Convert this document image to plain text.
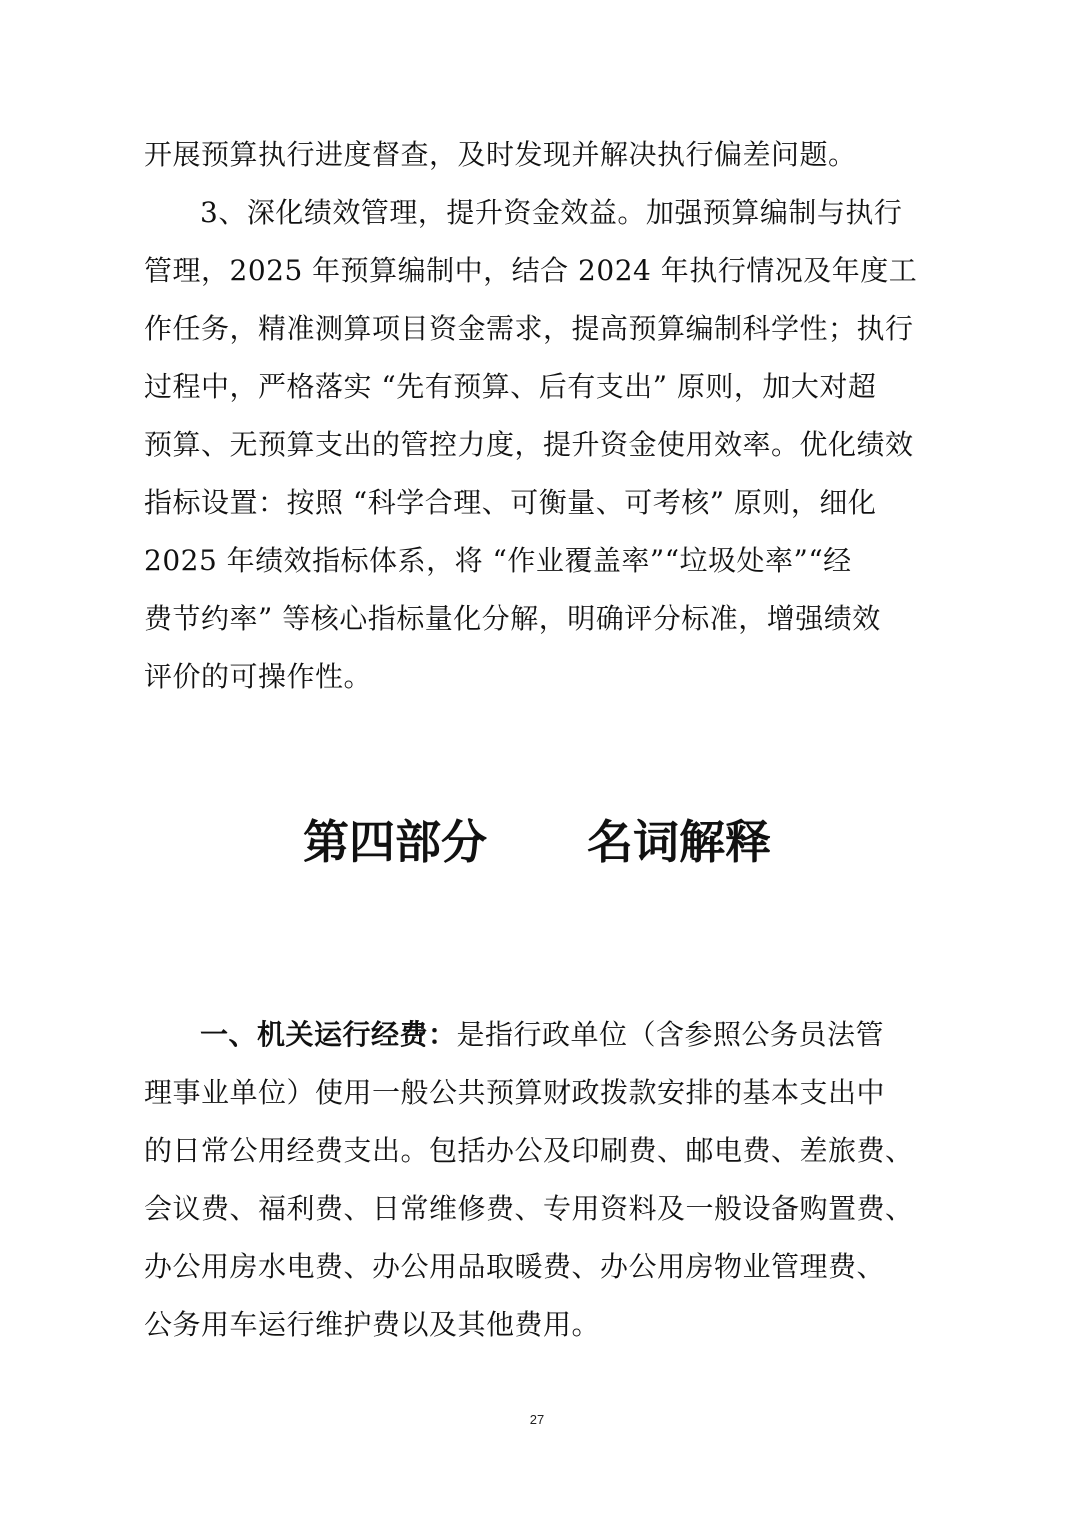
开展预算执行进度督查，及时发现并解决执行偏差问题。
3、深化绩效管理，提升资金效益。加强预算编制与执行
管理，2025 年预算编制中，结合 2024 年执行情况及年度工
作任务，精准测算项目资金需求，提高预算编制科学性；执行
过程中，严格落实 “先有预算、后有支出” 原则，加大对超
预算、无预算支出的管控力度，提升资金使用效率。优化绩效
指标设置：按照 “科学合理、可衡量、可考核” 原则，细化
2025 年绩效指标体系，将 “作业覆盖率”“垃圾处率”“经
费节约率” 等核心指标量化分解，明确评分标准，增强绩效
评价的可操作性。
第四部分 名词解释
一、机关运行经费：是指行政单位（含参照公务员法管
理事业单位）使用一般公共预算财政拨款安排的基本支出中
的日常公用经费支出。包括办公及印刷费、邮电费、差旅费、
会议费、福利费、日常维修费、专用资料及一般设备购置费、
办公用房水电费、办公用品取暖费、办公用房物业管理费、
公务用车运行维护费以及其他费用。
27
